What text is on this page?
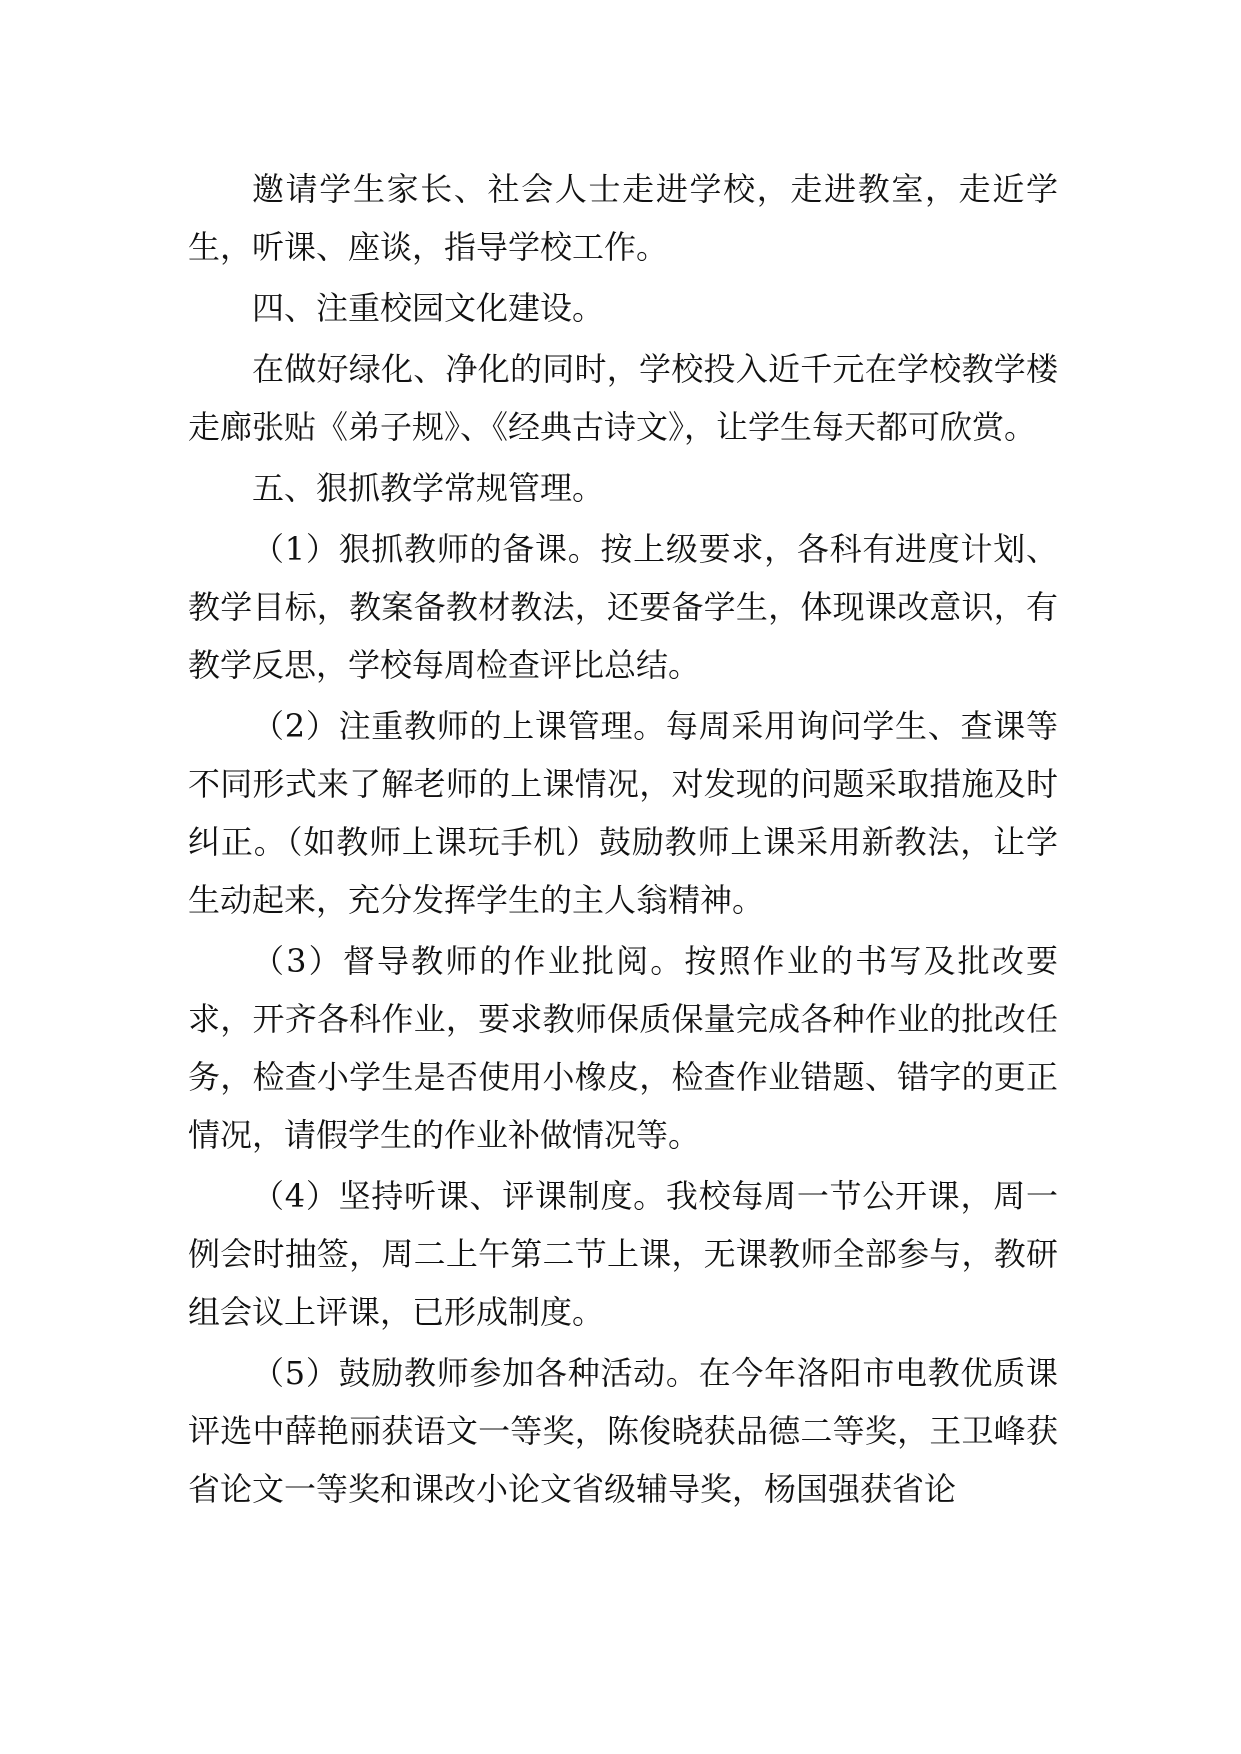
邀请学生家长、社会人士走进学校，走进教室，走近学生，听课、座谈，指导学校工作。

四、注重校园文化建设。

在做好绿化、净化的同时，学校投入近千元在学校教学楼走廊张贴《弟子规》、《经典古诗文》，让学生每天都可欣赏。

五、狠抓教学常规管理。

（1）狠抓教师的备课。按上级要求，各科有进度计划、教学目标，教案备教材教法，还要备学生，体现课改意识，有教学反思，学校每周检查评比总结。

（2）注重教师的上课管理。每周采用询问学生、查课等不同形式来了解老师的上课情况，对发现的问题采取措施及时纠正。（如教师上课玩手机）鼓励教师上课采用新教法，让学生动起来，充分发挥学生的主人翁精神。

（3）督导教师的作业批阅。按照作业的书写及批改要求，开齐各科作业，要求教师保质保量完成各种作业的批改任务，检查小学生是否使用小橡皮，检查作业错题、错字的更正情况，请假学生的作业补做情况等。

（4）坚持听课、评课制度。我校每周一节公开课，周一例会时抽签，周二上午第二节上课，无课教师全部参与，教研组会议上评课，已形成制度。

（5）鼓励教师参加各种活动。在今年洛阳市电教优质课评选中薛艳丽获语文一等奖，陈俊晓获品德二等奖，王卫峰获省论文一等奖和课改小论文省级辅导奖，杨国强获省论
